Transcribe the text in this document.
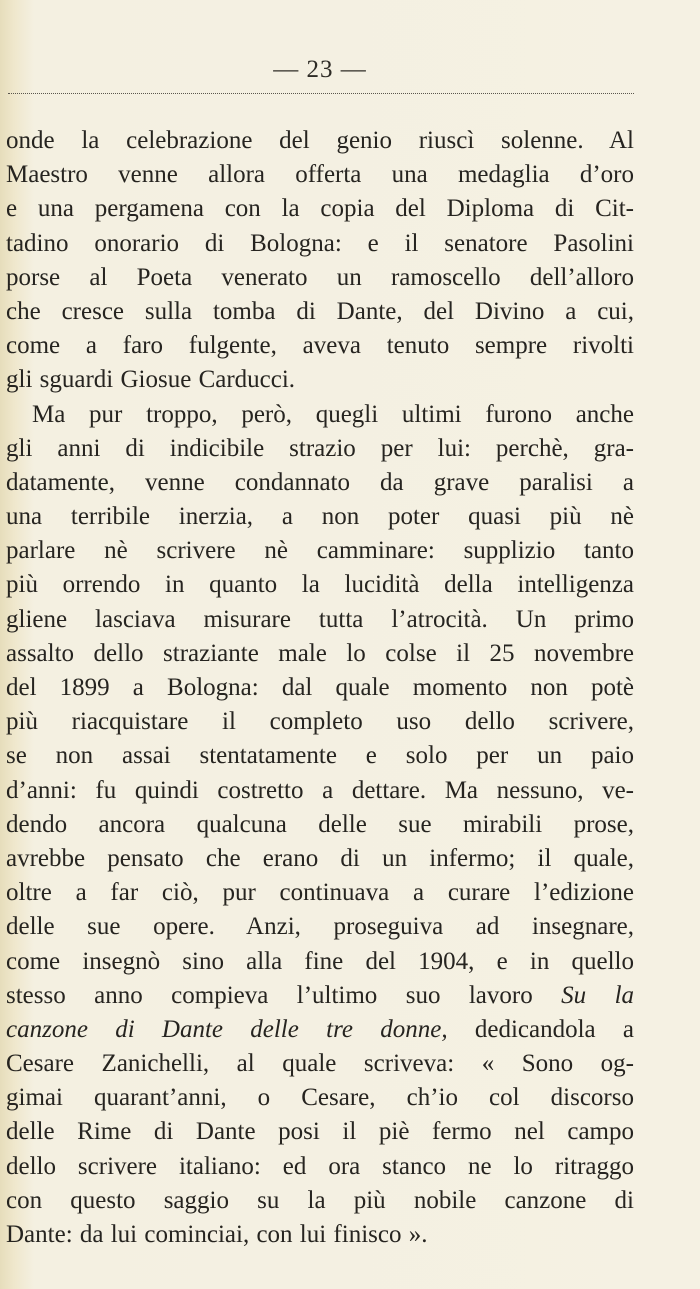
— 23 —
onde la celebrazione del genio riuscì solenne. Al
Maestro venne allora offerta una medaglia d’oro
e una pergamena con la copia del Diploma di Cit-
tadino onorario di Bologna: e il senatore Pasolini
porse al Poeta venerato un ramoscello dell’alloro
che cresce sulla tomba di Dante, del Divino a cui,
come a faro fulgente, aveva tenuto sempre rivolti
gli sguardi Giosue Carducci.
Ma pur troppo, però, quegli ultimi furono anche
gli anni di indicibile strazio per lui: perchè, gra-
datamente, venne condannato da grave paralisi a
una terribile inerzia, a non poter quasi più nè
parlare nè scrivere nè camminare: supplizio tanto
più orrendo in quanto la lucidità della intelligenza
gliene lasciava misurare tutta l’atrocità. Un primo
assalto dello straziante male lo colse il 25 novembre
del 1899 a Bologna: dal quale momento non potè
più riacquistare il completo uso dello scrivere,
se non assai stentatamente e solo per un paio
d’anni: fu quindi costretto a dettare. Ma nessuno, ve-
dendo ancora qualcuna delle sue mirabili prose,
avrebbe pensato che erano di un infermo; il quale,
oltre a far ciò, pur continuava a curare l’edizione
delle sue opere. Anzi, proseguiva ad insegnare,
come insegnò sino alla fine del 1904, e in quello
stesso anno compieva l’ultimo suo lavoro Su la
canzone di Dante delle tre donne, dedicandola a
Cesare Zanichelli, al quale scriveva: « Sono og-
gimai quarant’anni, o Cesare, ch’io col discorso
delle Rime di Dante posi il piè fermo nel campo
dello scrivere italiano: ed ora stanco ne lo ritraggo
con questo saggio su la più nobile canzone di
Dante: da lui cominciai, con lui finisco ».
